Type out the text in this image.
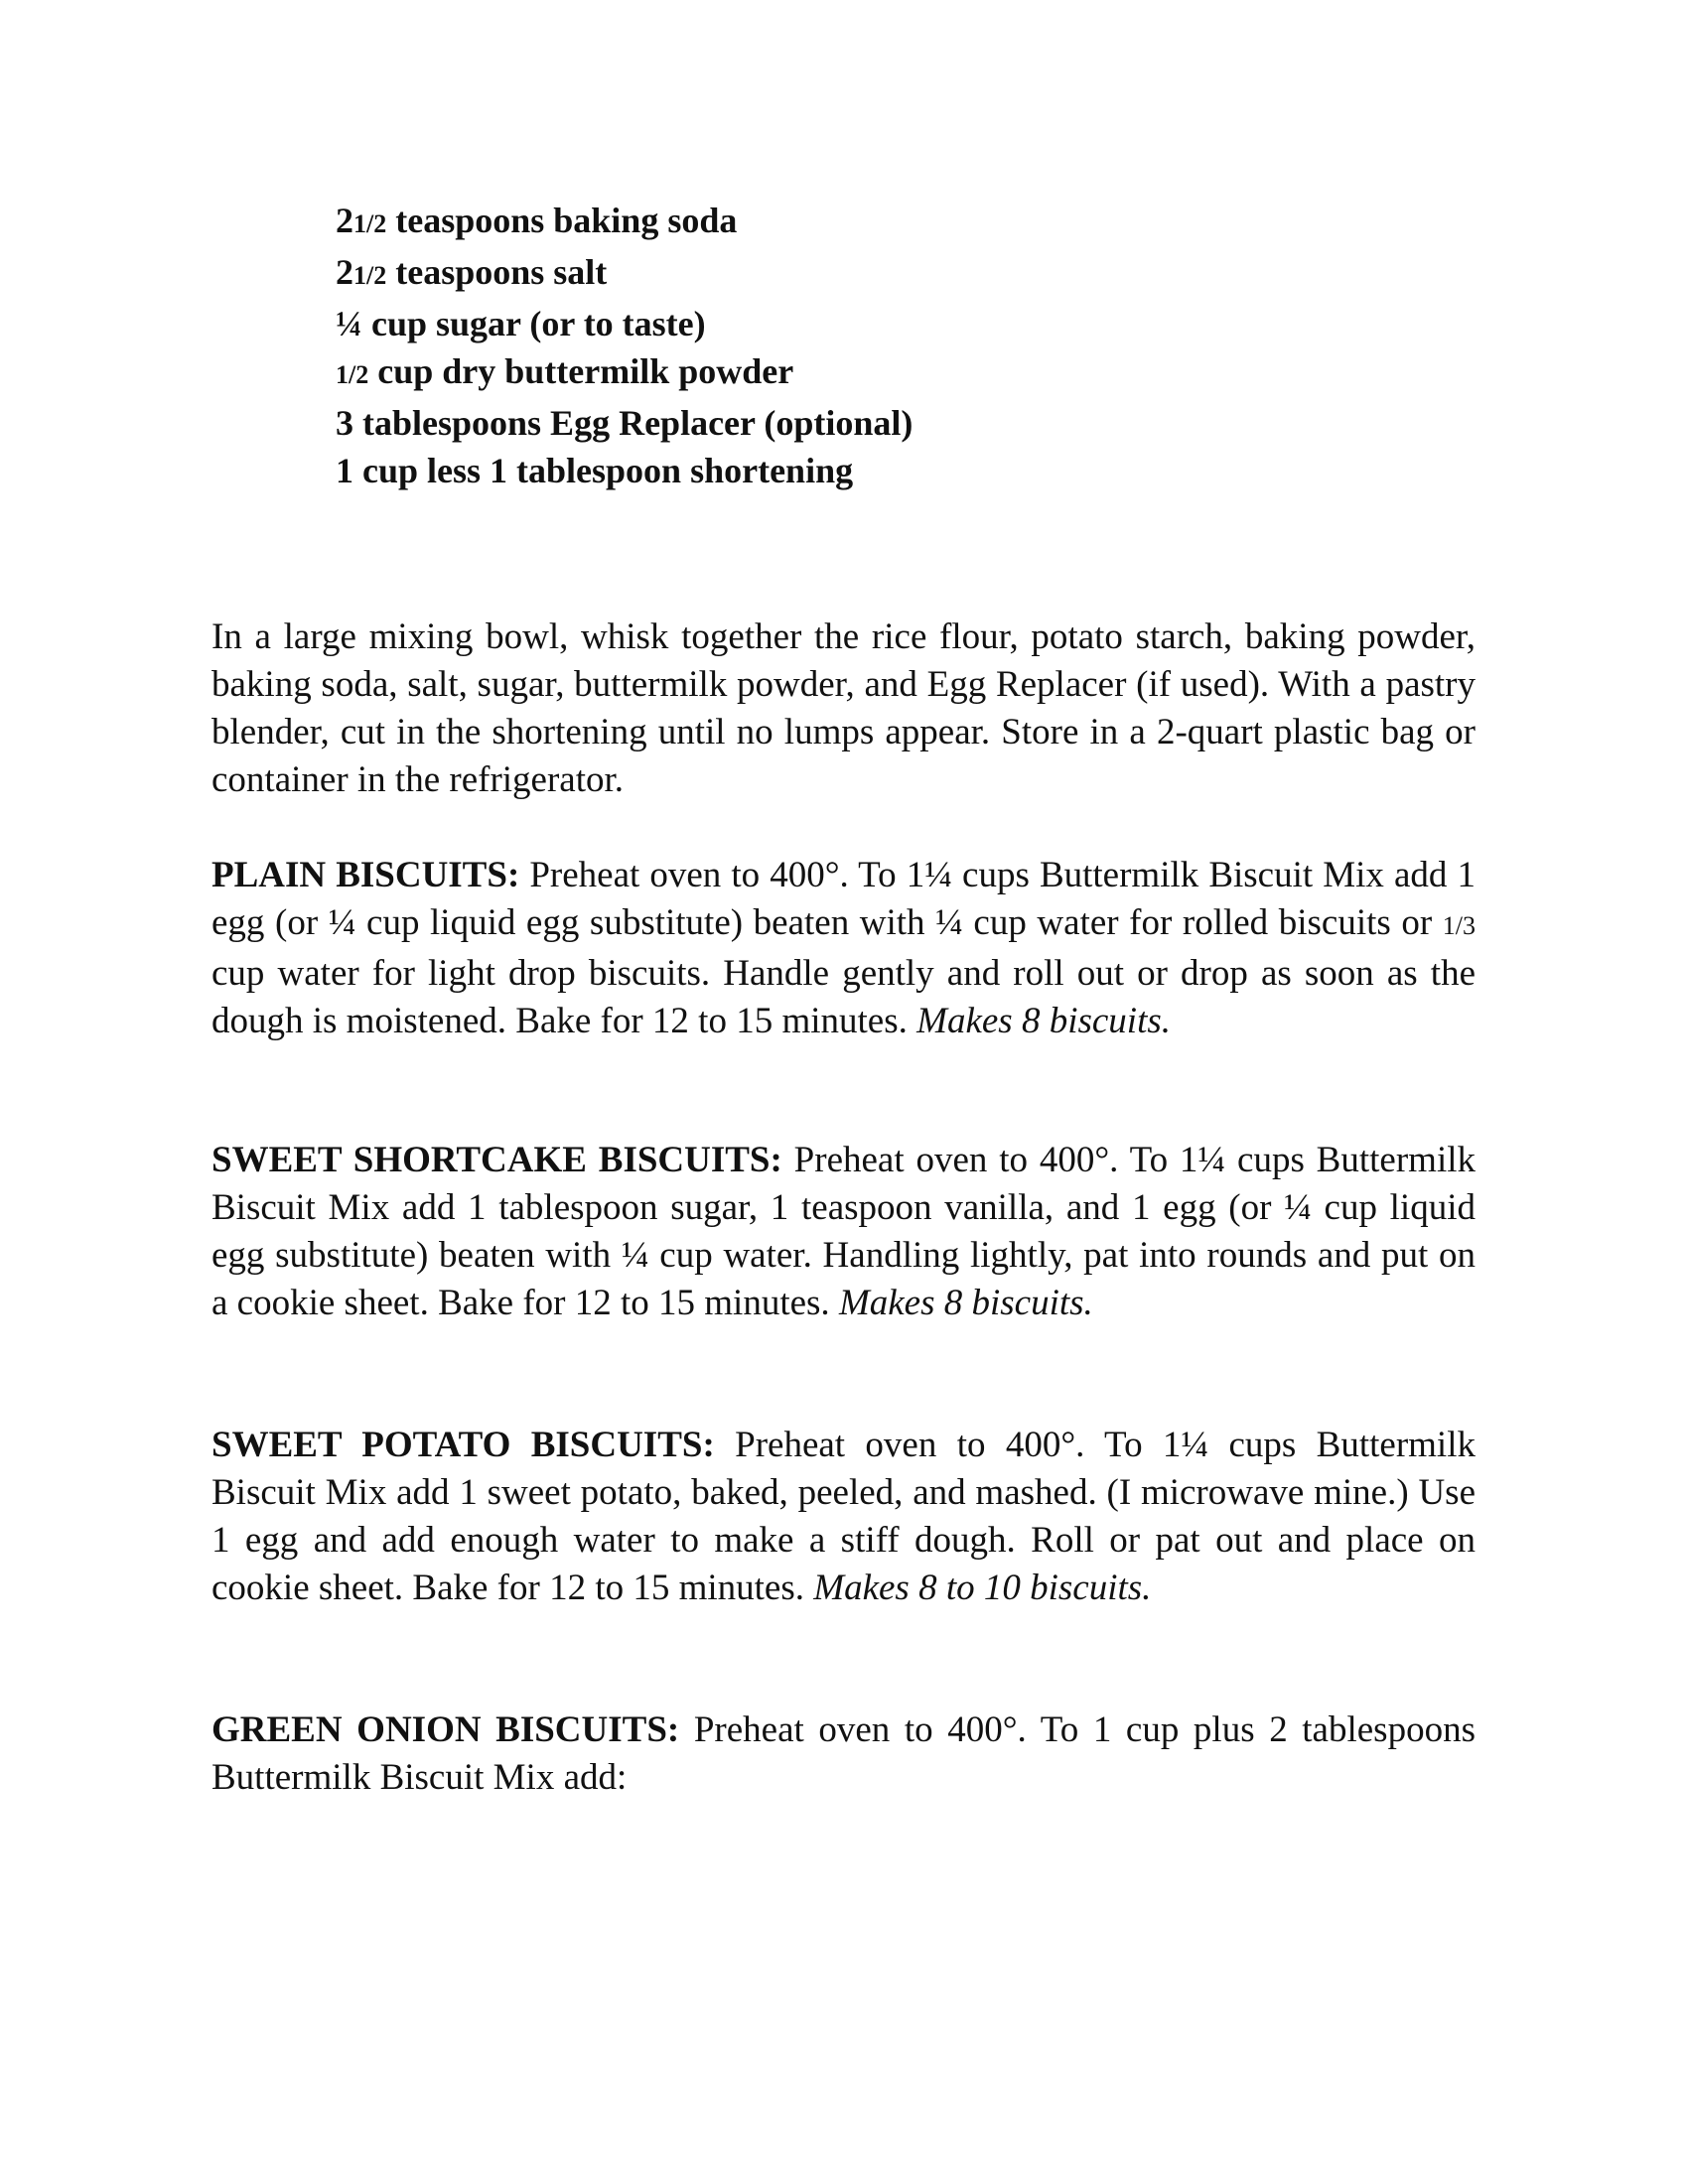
21/2 teaspoons baking soda
21/2 teaspoons salt
¼ cup sugar (or to taste)
1/2 cup dry buttermilk powder
3 tablespoons Egg Replacer (optional)
1 cup less 1 tablespoon shortening

In a large mixing bowl, whisk together the rice flour, potato starch, baking powder, baking soda, salt, sugar, buttermilk powder, and Egg Replacer (if used). With a pastry blender, cut in the shortening until no lumps appear. Store in a 2-quart plastic bag or container in the refrigerator.

PLAIN BISCUITS: Preheat oven to 400°. To 1¼ cups Buttermilk Biscuit Mix add 1 egg (or ¼ cup liquid egg substitute) beaten with ¼ cup water for rolled biscuits or 1/3 cup water for light drop biscuits. Handle gently and roll out or drop as soon as the dough is moistened. Bake for 12 to 15 minutes. Makes 8 biscuits.

SWEET SHORTCAKE BISCUITS: Preheat oven to 400°. To 1¼ cups Buttermilk Biscuit Mix add 1 tablespoon sugar, 1 teaspoon vanilla, and 1 egg (or ¼ cup liquid egg substitute) beaten with ¼ cup water. Handling lightly, pat into rounds and put on a cookie sheet. Bake for 12 to 15 minutes. Makes 8 biscuits.

SWEET POTATO BISCUITS: Preheat oven to 400°. To 1¼ cups Buttermilk Biscuit Mix add 1 sweet potato, baked, peeled, and mashed. (I microwave mine.) Use 1 egg and add enough water to make a stiff dough. Roll or pat out and place on cookie sheet. Bake for 12 to 15 minutes. Makes 8 to 10 biscuits.

GREEN ONION BISCUITS: Preheat oven to 400°. To 1 cup plus 2 tablespoons Buttermilk Biscuit Mix add:
